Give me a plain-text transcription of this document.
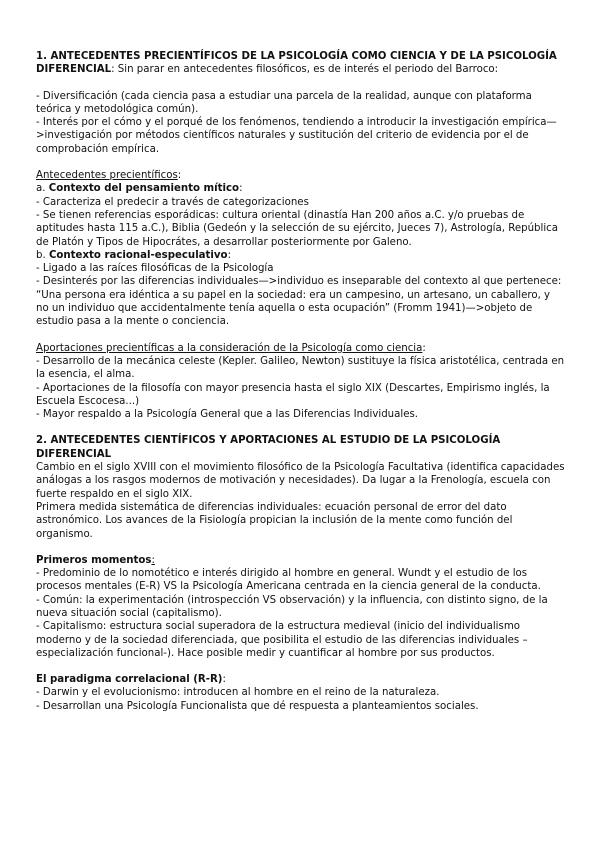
1. ANTECEDENTES PRECIENTÍFICOS DE LA PSICOLOGÍA COMO CIENCIA Y DE LA PSICOLOGÍA DIFERENCIAL: Sin parar en antecedentes filosóficos, es de interés el periodo del Barroco:

- Diversificación (cada ciencia pasa a estudiar una parcela de la realidad, aunque con plataforma teórica y metodológica común).

- Interés por el cómo y el porqué de los fenómenos, tendiendo a introducir la investigación empírica—>investigación por métodos científicos naturales y sustitución del criterio de evidencia por el de comprobación empírica.

Antecedentes precientíficos:

a. Contexto del pensamiento mítico:

- Caracteriza el predecir a través de categorizaciones

- Se tienen referencias esporádicas: cultura oriental (dinastía Han 200 años a.C. y/o pruebas de aptitudes hasta 115 a.C.), Biblia (Gedeón y la selección de su ejército, Jueces 7), Astrología, República de Platón y Tipos de Hipocrátes, a desarrollar posteriormente por Galeno.

b. Contexto racional-especulativo:

- Ligado a las raíces filosóficas de la Psicología

- Desinterés por las diferencias individuales—>individuo es inseparable del contexto al que pertenece: “Una persona era idéntica a su papel en la sociedad: era un campesino, un artesano, un caballero, y no un individuo que accidentalmente tenía aquella o esta ocupación” (Fromm 1941)—>objeto de estudio pasa a la mente o conciencia.

Aportaciones precientíficas a la consideración de la Psicología como ciencia:

- Desarrollo de la mecánica celeste (Kepler. Galileo, Newton) sustituye la física aristotélica, centrada en la esencia, el alma.

- Aportaciones de la filosofía con mayor presencia hasta el siglo XIX (Descartes, Empirismo inglés, la Escuela Escocesa...)

- Mayor respaldo a la Psicología General que a las Diferencias Individuales.

2. ANTECEDENTES CIENTÍFICOS Y APORTACIONES AL ESTUDIO DE LA PSICOLOGÍA DIFERENCIAL

Cambio en el siglo XVIII con el movimiento filosófico de la Psicología Facultativa (identifica capacidades análogas a los rasgos modernos de motivación y necesidades). Da lugar a la Frenología, escuela con fuerte respaldo en el siglo XIX.

Primera medida sistemática de diferencias individuales: ecuación personal de error del dato astronómico. Los avances de la Fisiología propician la inclusión de la mente como función del organismo.

Primeros momentos:

- Predominio de lo nomotético e interés dirigido al hombre en general. Wundt y el estudio de los procesos mentales (E-R) VS la Psicología Americana centrada en la ciencia general de la conducta.

- Común: la experimentación (introspección VS observación) y la influencia, con distinto signo, de la nueva situación social (capitalismo).

- Capitalismo: estructura social superadora de la estructura medieval (inicio del individualismo moderno y de la sociedad diferenciada, que posibilita el estudio de las diferencias individuales –especialización funcional-). Hace posible medir y cuantificar al hombre por sus productos.

El paradigma correlacional (R-R):

- Darwin y el evolucionismo: introducen al hombre en el reino de la naturaleza.

- Desarrollan una Psicología Funcionalista que dé respuesta a planteamientos sociales.
